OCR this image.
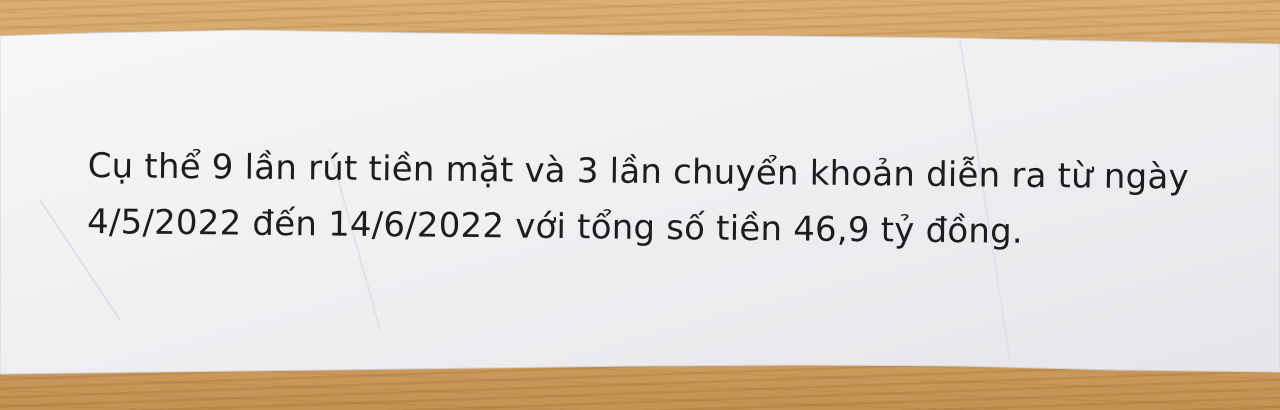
Cụ thể 9 lần rút tiền mặt và 3 lần chuyển khoản diễn ra từ ngày
4/5/2022 đến 14/6/2022 với tổng số tiền 46,9 tỷ đồng.
